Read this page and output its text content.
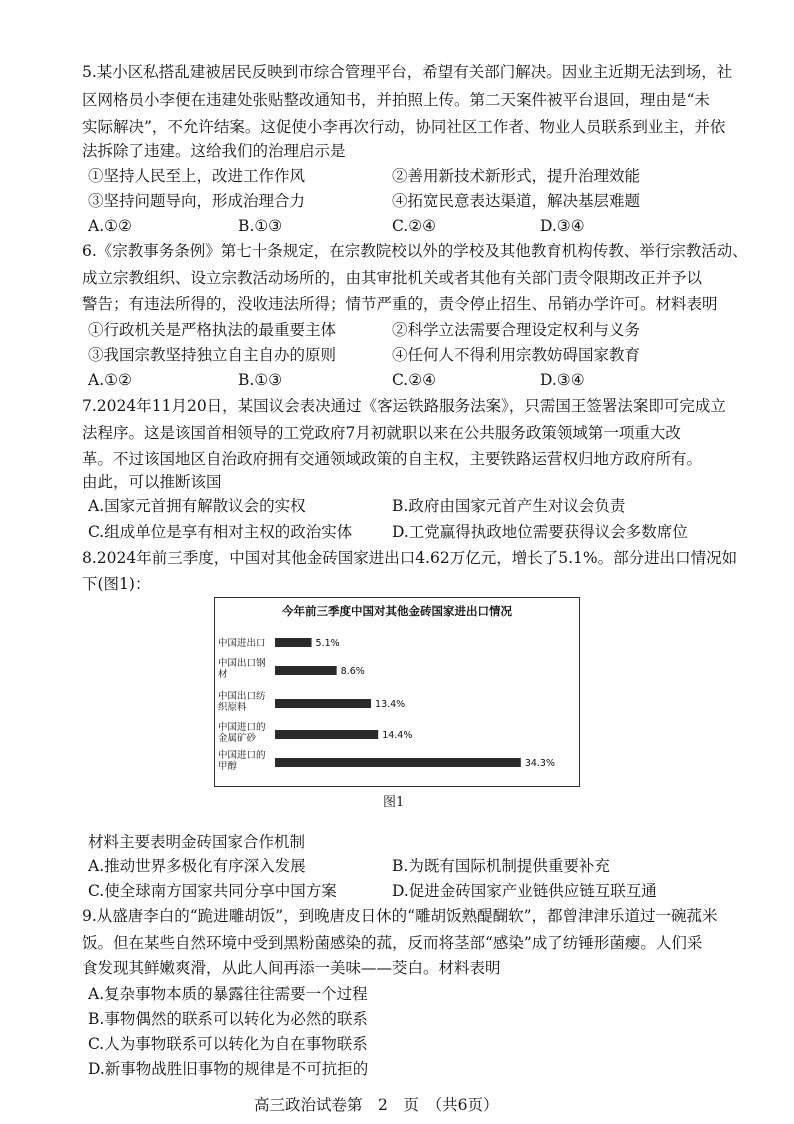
5.某小区私搭乱建被居民反映到市综合管理平台，希望有关部门解决。因业主近期无法到场，社
区网格员小李便在违建处张贴整改通知书，并拍照上传。第二天案件被平台退回，理由是“未
实际解决”，不允许结案。这促使小李再次行动，协同社区工作者、物业人员联系到业主，并依
法拆除了违建。这给我们的治理启示是
①坚持人民至上，改进工作作风	②善用新技术新形式，提升治理效能
③坚持问题导向，形成治理合力	④拓宽民意表达渠道，解决基层难题
A.①②	B.①③	C.②④	D.③④
6.《宗教事务条例》第七十条规定，在宗教院校以外的学校及其他教育机构传教、举行宗教活动、
成立宗教组织、设立宗教活动场所的，由其审批机关或者其他有关部门责令限期改正并予以
警告；有违法所得的，没收违法所得；情节严重的，责令停止招生、吊销办学许可。材料表明
①行政机关是严格执法的最重要主体	②科学立法需要合理设定权利与义务
③我国宗教坚持独立自主自办的原则	④任何人不得利用宗教妨碍国家教育
A.①②	B.①③	C.②④	D.③④
7.2024年11月20日，某国议会表决通过《客运铁路服务法案》，只需国王签署法案即可完成立
法程序。这是该国首相领导的工党政府7月初就职以来在公共服务政策领域第一项重大改
革。不过该国地区自治政府拥有交通领域政策的自主权，主要铁路运营权归地方政府所有。
由此，可以推断该国
A.国家元首拥有解散议会的实权	B.政府由国家元首产生对议会负责
C.组成单位是享有相对主权的政治实体	D.工党赢得执政地位需要获得议会多数席位
8.2024年前三季度，中国对其他金砖国家进出口4.62万亿元，增长了5.1%。部分进出口情况如
下(图1)：
今年前三季度中国对其他金砖国家进出口情况
中国进出口	5.1%
中国出口钢
材	8.6%
中国出口纺
织原料	13.4%
中国进口的
金属矿砂	14.4%
中国进口的
甲醇	34.3%
图1
材料主要表明金砖国家合作机制
A.推动世界多极化有序深入发展	B.为既有国际机制提供重要补充
C.使全球南方国家共同分享中国方案	D.促进金砖国家产业链供应链互联互通
9.从盛唐李白的“跪进雕胡饭”，到晚唐皮日休的“雕胡饭熟醍醐软”，都曾津津乐道过一碗菰米
饭。但在某些自然环境中受到黑粉菌感染的菰，反而将茎部“感染”成了纺锤形菌瘿。人们采
食发现其鲜嫩爽滑，从此人间再添一美味——茭白。材料表明
A.复杂事物本质的暴露往往需要一个过程
B.事物偶然的联系可以转化为必然的联系
C.人为事物联系可以转化为自在事物联系
D.新事物战胜旧事物的规律是不可抗拒的
高三政治试卷第　2　页　（共6页）
